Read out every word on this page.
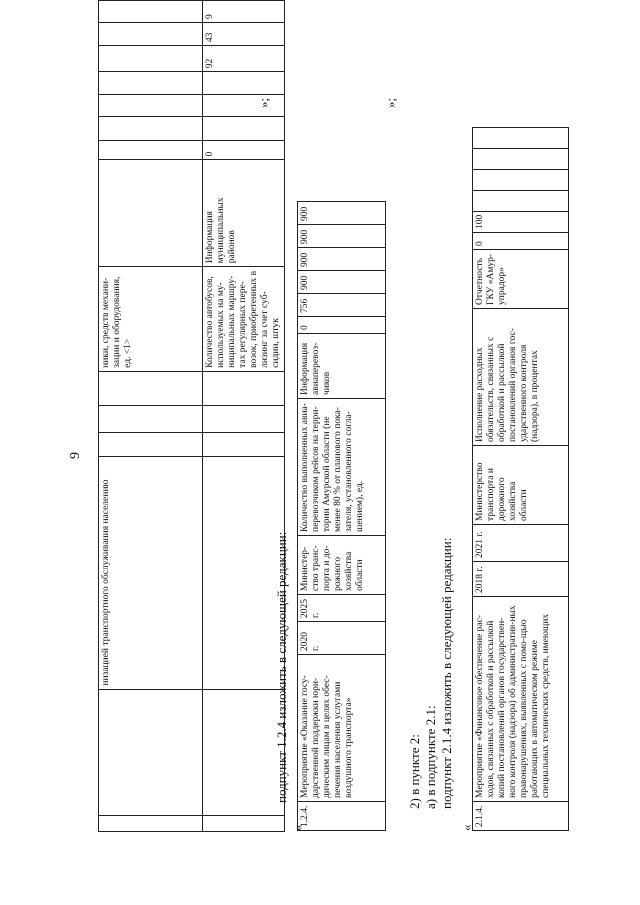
9
		низацией транспортного обслуживания населению				ники, средств механи-зации и оборудования, ед. <1>								
						Количество автобусов, используемых на му-ниципальных маршру-тах регулярных пере-возок, приобретенных в лизинг за счет суб-сидии, штук	Информация муниципальных районов	0				92	43	9
»;
подпункт 1.2.4 изложить в следующей редакции:
«
1.2.4.	Мероприятие «Оказание госу-дарственной поддержки юри-дическим лицам в целях обес-печения населения услугами воздушного транспорта»	2020 г.	2025 г.	Министер-ство транс-порта и до-рожного хозяйства области	Количество выполненных авиа-перевозчиком рейсов на терри-тории Амурской области (не менее 80 % от планового пока-зателя, установленного согла-шением), ед.	Информация авиаперевоз-чиков	0	756	900	900	900	900
»;
2) в пункте 2: а) в подпункте 2.1: подпункт 2.1.4 изложить в следующей редакции:
«
2.1.4.	Мероприятие «Финансовое обеспечение рас-ходов, связанных с обработкой и рассылкой копий постановлений органов государствен-ного контроля (надзора) об административ-ных правонарушениях, выявленных с помо-щью работающих в автоматическом режиме специальных технических средств, имеющих	2018 г.	2021 г.	Министерство транспорта и дорожного хозяйства области	Исполнение расходных обязательств, связанных с обработкой и рассылкой постановлений органов гос-ударственного контроля (надзора), в процентах	Отчетность ГКУ «Амур-упрадор»	0	100				
